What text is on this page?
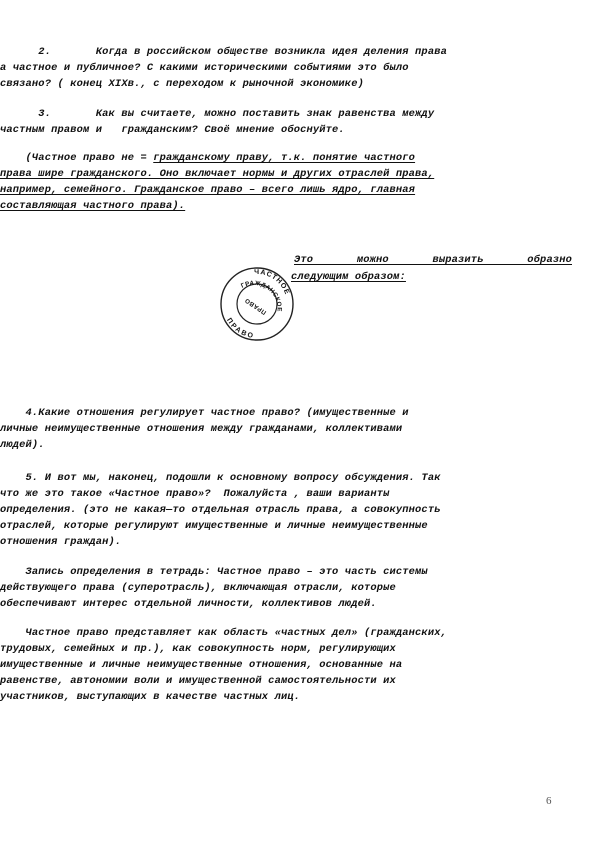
2.       Когда в российском обществе возникла идея деления права
а частное и публичное? С какими историческими событиями это было
связано? ( конец XIXв., с переходом к рыночной экономике)
3.       Как вы считаете, можно поставить знак равенства между
частным правом и   гражданским? Своё мнение обоснуйте.
(Частное право не = гражданскому праву, т.к. понятие частного
права шире гражданского. Оно включает нормы и других отраслей права,
например, семейного. Гражданское право – всего лишь ядро, главная
составляющая частного права).
Это можно выразить образно
следующим образом:
ЧАСТНОЕ
ГРАЖДАНСКОЕ
ПРАВО
ПРАВО
4.Какие отношения регулирует частное право? (имущественные и
личные неимущественные отношения между гражданами, коллективами
людей).
5. И вот мы, наконец, подошли к основному вопросу обсуждения. Так
что же это такое «Частное право»?  Пожалуйста , ваши варианты
определения. (это не какая—то отдельная отрасль права, а совокупность
отраслей, которые регулируют имущественные и личные неимущественные
отношения граждан).
Запись определения в тетрадь: Частное право – это часть системы
действующего права (суперотрасль), включающая отрасли, которые
обеспечивают интерес отдельной личности, коллективов людей.
Частное право представляет как область «частных дел» (гражданских,
трудовых, семейных и пр.), как совокупность норм, регулирующих
имущественные и личные неимущественные отношения, основанные на
равенстве, автономии воли и имущественной самостоятельности их
участников, выступающих в качестве частных лиц.
6
